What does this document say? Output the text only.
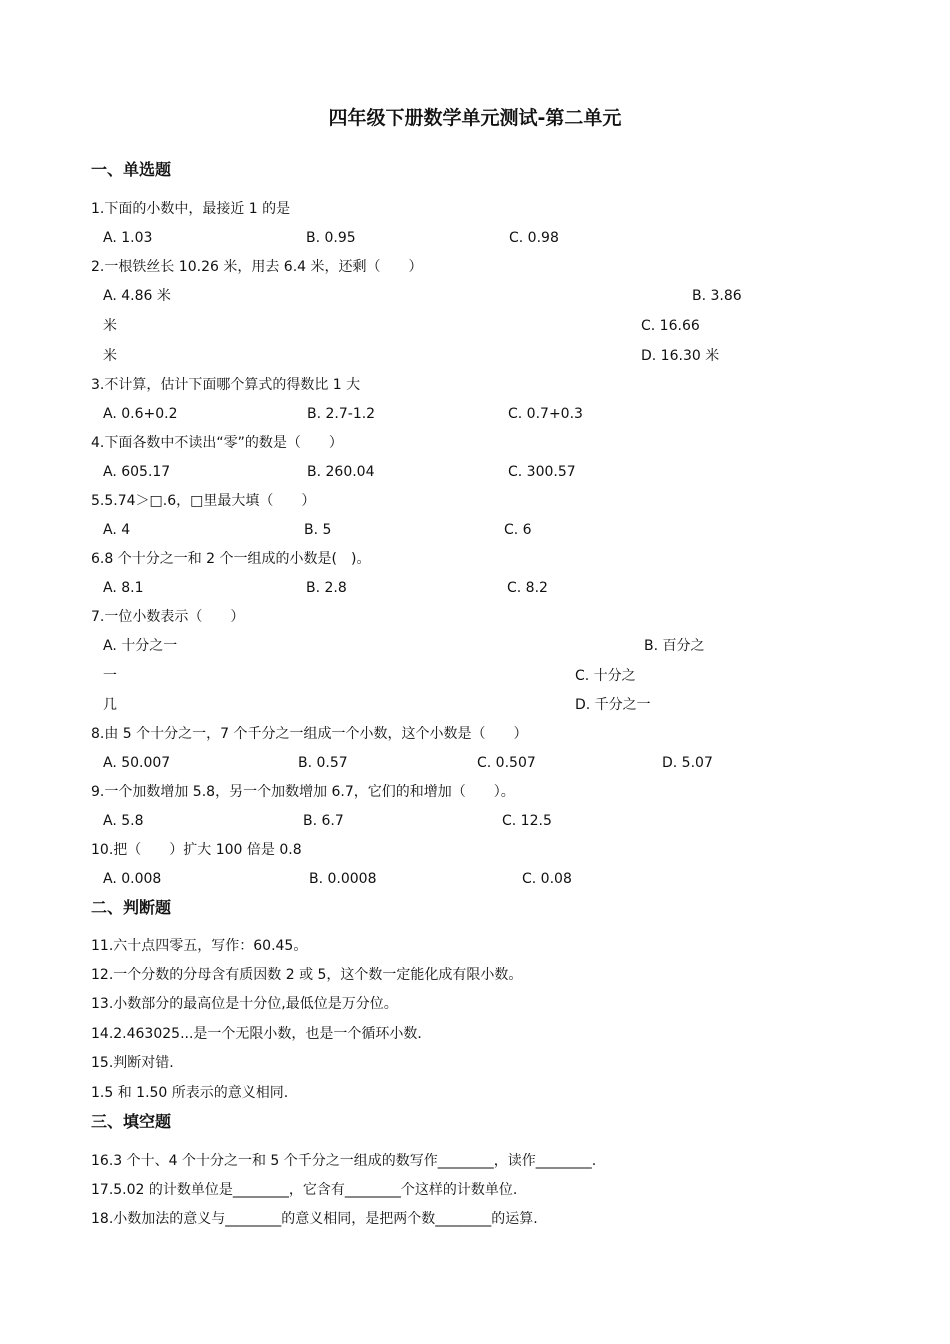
四年级下册数学单元测试-第二单元
一、单选题
1.下面的小数中，最接近 1 的是
A. 1.03	B. 0.95	C. 0.98
2.一根铁丝长 10.26 米，用去 6.4 米，还剩（　　）
A. 4.86 米	B. 3.86
米	C. 16.66
米	D. 16.30 米
3.不计算，估计下面哪个算式的得数比 1 大
A. 0.6+0.2	B. 2.7-1.2	C. 0.7+0.3
4.下面各数中不读出“零”的数是（　　）
A. 605.17	B. 260.04	C. 300.57
5.5.74＞□.6，□里最大填（　　）
A. 4	B. 5	C. 6
6.8 个十分之一和 2 个一组成的小数是(　)。
A. 8.1	B. 2.8	C. 8.2
7.一位小数表示（　　）
A. 十分之一	B. 百分之
一	C. 十分之
几	D. 千分之一
8.由 5 个十分之一，7 个千分之一组成一个小数，这个小数是（　　）
A. 50.007	B. 0.57	C. 0.507	D. 5.07
9.一个加数增加 5.8，另一个加数增加 6.7，它们的和增加（　　）。
A. 5.8	B. 6.7	C. 12.5
10.把（　　）扩大 100 倍是 0.8
A. 0.008	B. 0.0008	C. 0.08
二、判断题
11.六十点四零五，写作：60.45。
12.一个分数的分母含有质因数 2 或 5，这个数一定能化成有限小数。
13.小数部分的最高位是十分位,最低位是万分位。
14.2.463025...是一个无限小数，也是一个循环小数．
15.判断对错.
1.5 和 1.50 所表示的意义相同.
三、填空题
16.3 个十、4 个十分之一和 5 个千分之一组成的数写作________，读作________.
17.5.02 的计数单位是________，它含有________个这样的计数单位.
18.小数加法的意义与________的意义相同，是把两个数________的运算.
